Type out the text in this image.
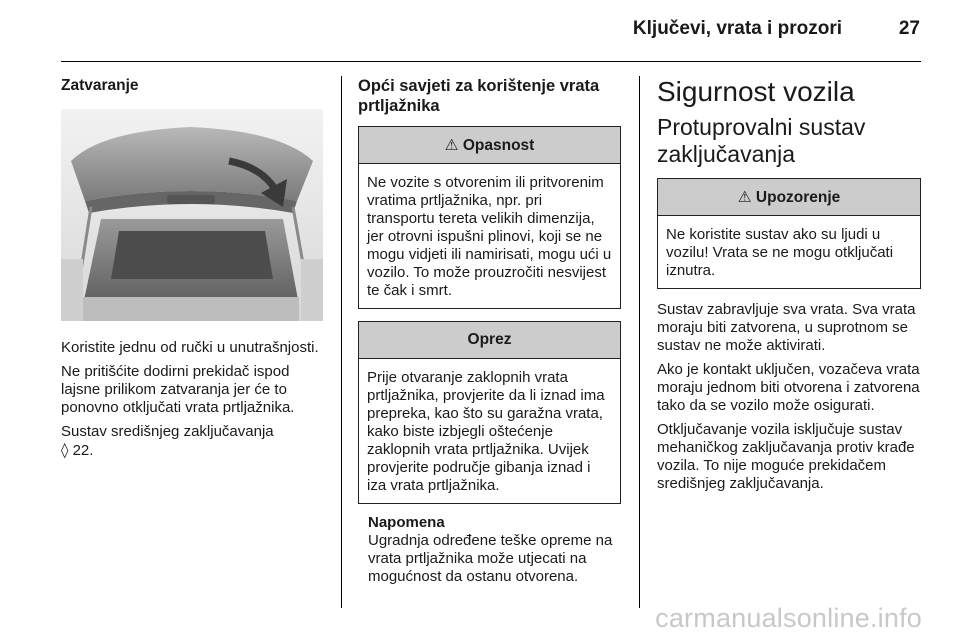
Ključevi, vrata i prozori	27
Zatvaranje

Koristite jednu od ručki u unutrašnjosti.

Ne pritišćite dodirni prekidač ispod lajsne prilikom zatvaranja jer će to ponovno otključati vrata prtljažnika.

Sustav središnjeg zaključavanja
◊ 22.

Opći savjeti za korištenje vrata prtljažnika
⚠ Opasnost
Ne vozite s otvorenim ili pritvorenim vratima prtljažnika, npr. pri transportu tereta velikih dimenzija, jer otrovni ispušni plinovi, koji se ne mogu vidjeti ili namirisati, mogu ući u vozilo. To može prouzročiti nesvijest te čak i smrt.
Oprez
Prije otvaranje zaklopnih vrata prtljažnika, provjerite da li iznad ima prepreka, kao što su garažna vrata, kako biste izbjegli oštećenje zaklopnih vrata prtljažnika. Uvijek provjerite područje gibanja iznad i iza vrata prtljažnika.
Napomena
Ugradnja određene teške opreme na vrata prtljažnika može utjecati na mogućnost da ostanu otvorena.
Sigurnost vozila
Protuprovalni sustav zaključavanja
⚠ Upozorenje
Ne koristite sustav ako su ljudi u vozilu! Vrata se ne mogu otključati iznutra.

Sustav zabravljuje sva vrata. Sva vrata moraju biti zatvorena, u suprotnom se sustav ne može aktivirati.

Ako je kontakt uključen, vozačeva vrata moraju jednom biti otvorena i zatvorena tako da se vozilo može osigurati.

Otključavanje vozila isključuje sustav mehaničkog zaključavanja protiv krađe vozila. To nije moguće prekidačem središnjeg zaključavanja.

carmanualsonline.info
